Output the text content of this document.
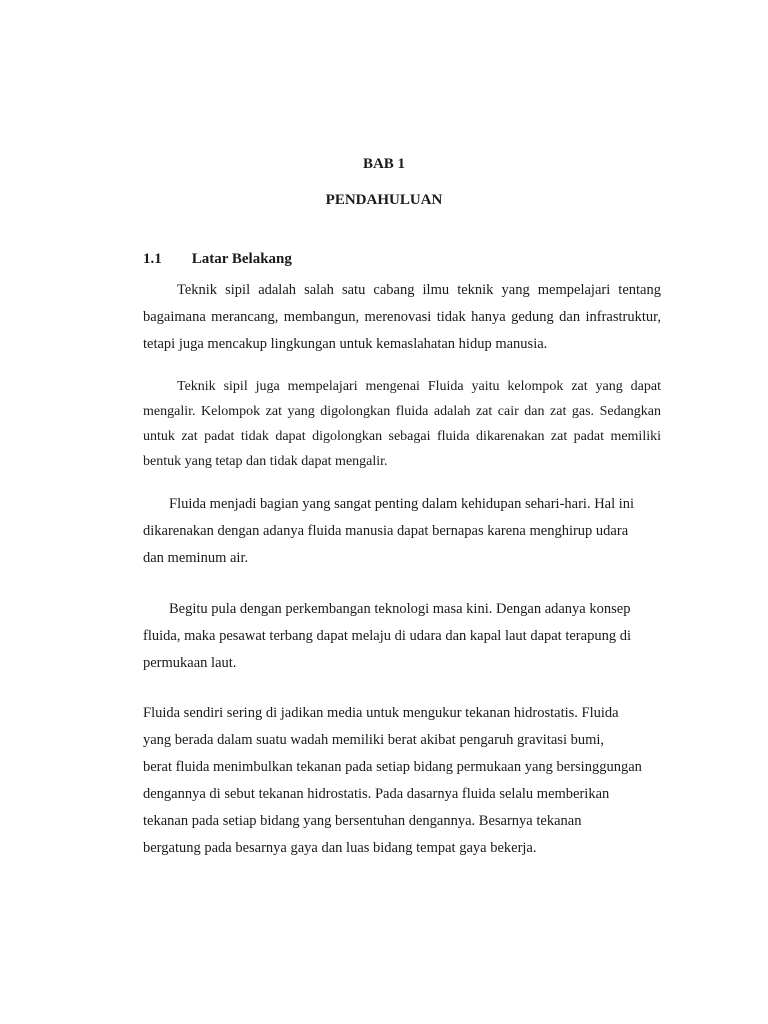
BAB 1
PENDAHULUAN
1.1 Latar Belakang

Teknik sipil adalah salah satu cabang ilmu teknik yang mempelajari tentang
bagaimana merancang, membangun, merenovasi tidak hanya gedung dan infrastruktur,
tetapi juga mencakup lingkungan untuk kemaslahatan hidup manusia.

Teknik sipil juga mempelajari mengenai Fluida yaitu kelompok zat yang dapat
mengalir. Kelompok zat yang digolongkan fluida adalah zat cair dan zat gas. Sedangkan
untuk zat padat tidak dapat digolongkan sebagai fluida dikarenakan zat padat memiliki
bentuk yang tetap dan tidak dapat mengalir.

Fluida menjadi bagian yang sangat penting dalam kehidupan sehari-hari. Hal ini
dikarenakan dengan adanya fluida manusia dapat bernapas karena menghirup udara
dan meminum air.

Begitu pula dengan perkembangan teknologi masa kini. Dengan adanya konsep
fluida, maka pesawat terbang dapat melaju di udara dan kapal laut dapat terapung di
permukaan laut.

Fluida sendiri sering di jadikan media untuk mengukur tekanan hidrostatis. Fluida
yang berada dalam suatu wadah memiliki berat akibat pengaruh gravitasi bumi,
berat fluida menimbulkan tekanan pada setiap bidang permukaan yang bersinggungan
dengannya di sebut tekanan hidrostatis. Pada dasarnya fluida selalu memberikan
tekanan pada setiap bidang yang bersentuhan dengannya. Besarnya tekanan
bergatung pada besarnya gaya dan luas bidang tempat gaya bekerja.
